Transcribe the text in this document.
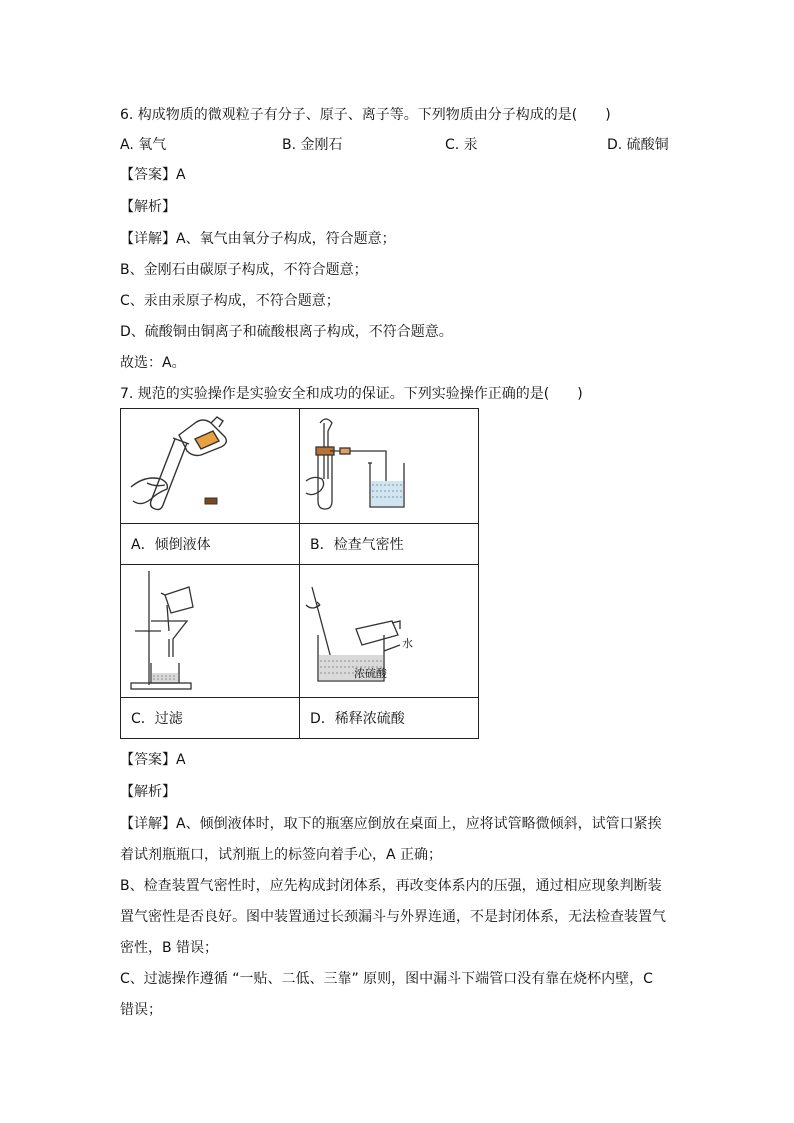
6. 构成物质的微观粒子有分子、原子、离子等。下列物质由分子构成的是(　　)
A. 氧气	B. 金刚石	C. 汞	D. 硫酸铜
【答案】A
【解析】
【详解】A、氧气由氧分子构成，符合题意；
B、金刚石由碳原子构成，不符合题意；
C、汞由汞原子构成，不符合题意；
D、硫酸铜由铜离子和硫酸根离子构成，不符合题意。
故选：A。
7. 规范的实验操作是实验安全和成功的保证。下列实验操作正确的是(　　)

A．倾倒液体	B．检查气密性

水
浓硫酸

C．过滤	D．稀释浓硫酸
【答案】A
【解析】
【详解】A、倾倒液体时，取下的瓶塞应倒放在桌面上，应将试管略微倾斜，试管口紧挨
着试剂瓶瓶口，试剂瓶上的标签向着手心，A 正确；
B、检查装置气密性时，应先构成封闭体系，再改变体系内的压强，通过相应现象判断装
置气密性是否良好。图中装置通过长颈漏斗与外界连通，不是封闭体系，无法检查装置气
密性，B 错误；
C、过滤操作遵循 “一贴、二低、三靠” 原则，图中漏斗下端管口没有靠在烧杯内壁，C
错误；
